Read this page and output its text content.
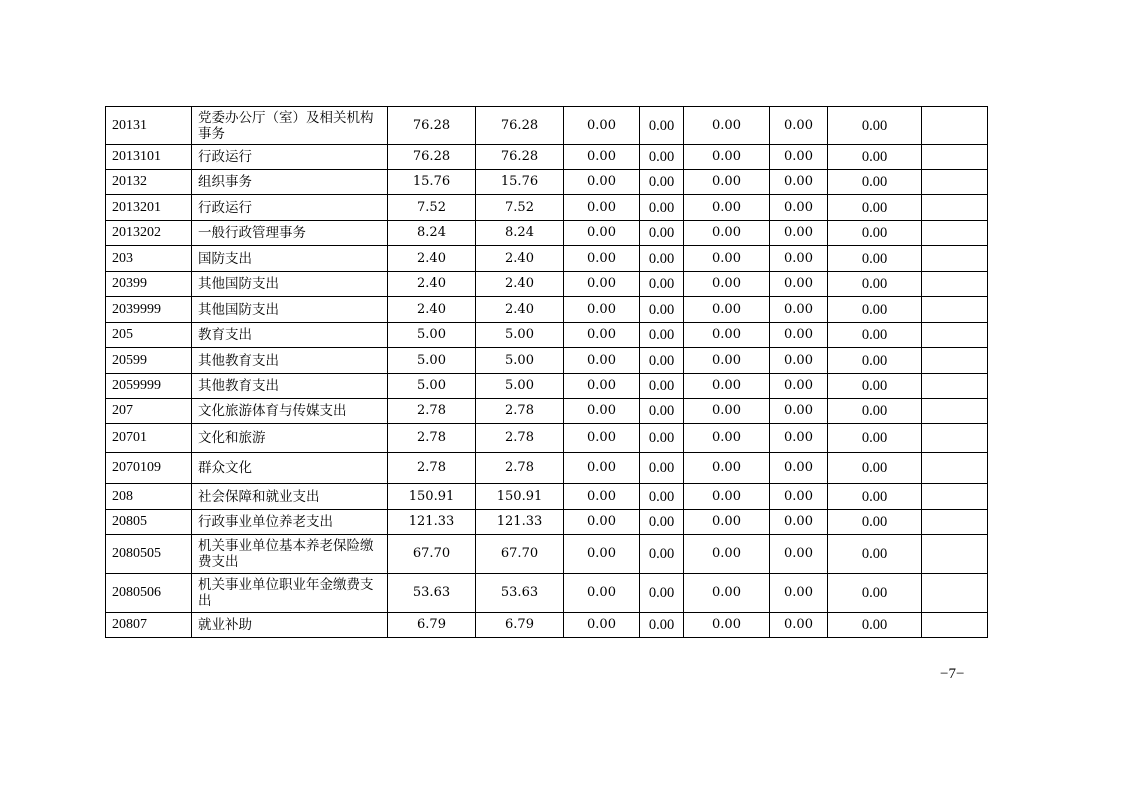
20131	党委办公厅（室）及相关机构事务	76.28	76.28	0.00	0.00	0.00	0.00	0.00	
2013101	行政运行	76.28	76.28	0.00	0.00	0.00	0.00	0.00	
20132	组织事务	15.76	15.76	0.00	0.00	0.00	0.00	0.00	
2013201	行政运行	7.52	7.52	0.00	0.00	0.00	0.00	0.00	
2013202	一般行政管理事务	8.24	8.24	0.00	0.00	0.00	0.00	0.00	
203	国防支出	2.40	2.40	0.00	0.00	0.00	0.00	0.00	
20399	其他国防支出	2.40	2.40	0.00	0.00	0.00	0.00	0.00	
2039999	其他国防支出	2.40	2.40	0.00	0.00	0.00	0.00	0.00	
205	教育支出	5.00	5.00	0.00	0.00	0.00	0.00	0.00	
20599	其他教育支出	5.00	5.00	0.00	0.00	0.00	0.00	0.00	
2059999	其他教育支出	5.00	5.00	0.00	0.00	0.00	0.00	0.00	
207	文化旅游体育与传媒支出	2.78	2.78	0.00	0.00	0.00	0.00	0.00	
20701	文化和旅游	2.78	2.78	0.00	0.00	0.00	0.00	0.00	
2070109	群众文化	2.78	2.78	0.00	0.00	0.00	0.00	0.00	
208	社会保障和就业支出	150.91	150.91	0.00	0.00	0.00	0.00	0.00	
20805	行政事业单位养老支出	121.33	121.33	0.00	0.00	0.00	0.00	0.00	
2080505	机关事业单位基本养老保险缴费支出	67.70	67.70	0.00	0.00	0.00	0.00	0.00	
2080506	机关事业单位职业年金缴费支出	53.63	53.63	0.00	0.00	0.00	0.00	0.00	
20807	就业补助	6.79	6.79	0.00	0.00	0.00	0.00	0.00	
−7−
